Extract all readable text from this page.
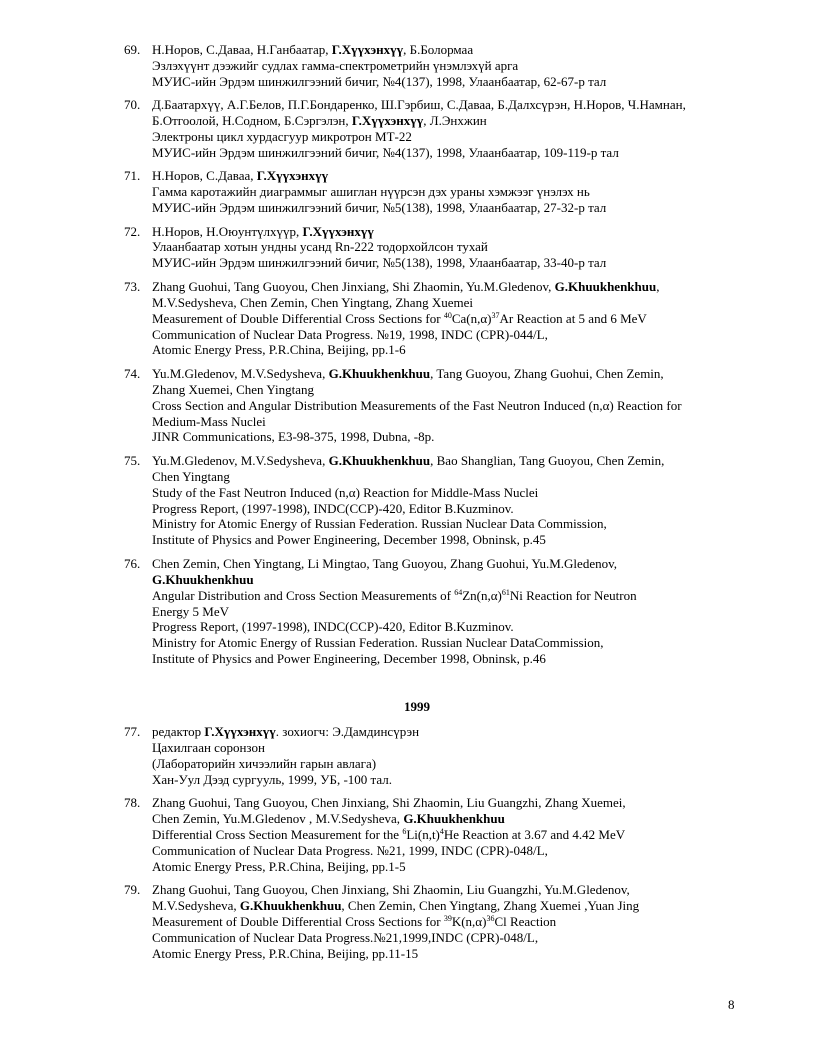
69. Н.Норов, С.Даваа, Н.Ганбаатар, Г.Хүүхэнхүү, Б.Болормаа
Эзлэхүүнт дээжийг судлах гамма-спектрометрийн үнэмлэхүй арга
МУИС-ийн Эрдэм шинжилгээний бичиг, №4(137), 1998, Улаанбаатар, 62-67-р тал
70. Д.Баатархүү, А.Г.Белов, П.Г.Бондаренко, Ш.Гэрбиш, С.Даваа, Б.Далхсүрэн, Н.Норов, Ч.Намнан,
Б.Отгоолой, Н.Содном, Б.Сэргэлэн, Г.Хүүхэнхүү, Л.Энхжин
Электроны цикл хурдасгуур микротрон МТ-22
МУИС-ийн Эрдэм шинжилгээний бичиг, №4(137), 1998, Улаанбаатар, 109-119-р тал
71. Н.Норов, С.Даваа, Г.Хүүхэнхүү
Гамма каротажийн диаграммыг ашиглан нүүрсэн дэх ураны хэмжээг үнэлэх нь
МУИС-ийн Эрдэм шинжилгээний бичиг, №5(138), 1998, Улаанбаатар, 27-32-р тал
72. Н.Норов, Н.Оюунтүлхүүр, Г.Хүүхэнхүү
Улаанбаатар хотын ундны усанд Rn-222 тодорхойлсон тухай
МУИС-ийн Эрдэм шинжилгээний бичиг, №5(138), 1998, Улаанбаатар, 33-40-р тал
73. Zhang Guohui, Tang Guoyou, Chen Jinxiang, Shi Zhaomin, Yu.M.Gledenov, G.Khuukhenkhuu,
M.V.Sedysheva, Chen Zemin, Chen Yingtang, Zhang Xuemei
Measurement of Double Differential Cross Sections for $^{40}Ca(n,\alpha)^{37}Ar$ Reaction at 5 and 6 MeV
Communication of Nuclear Data Progress. №19, 1998, INDC (CPR)-044/L,
Atomic Energy Press, P.R.China, Beijing, pp.1-6
74. Yu.M.Gledenov, M.V.Sedysheva, G.Khuukhenkhuu, Tang Guoyou, Zhang Guohui, Chen Zemin,
Zhang Xuemei, Chen Yingtang
Cross Section and Angular Distribution Measurements of the Fast Neutron Induced (n,α) Reaction for
Medium-Mass Nuclei
JINR Communications, E3-98-375, 1998, Dubna, -8p.
75. Yu.M.Gledenov, M.V.Sedysheva, G.Khuukhenkhuu, Bao Shanglian, Tang Guoyou, Chen Zemin,
Chen Yingtang
Study of the Fast Neutron Induced (n,α) Reaction for Middle-Mass Nuclei
Progress Report, (1997-1998), INDC(CCP)-420, Editor B.Kuzminov.
Ministry for Atomic Energy of Russian Federation. Russian Nuclear Data Commission,
Institute of Physics and Power Engineering, December 1998, Obninsk, p.45
76. Chen Zemin, Chen Yingtang, Li Mingtao, Tang Guoyou, Zhang Guohui, Yu.M.Gledenov,
G.Khuukhenkhuu
Angular Distribution and Cross Section Measurements of $^{64}Zn(n,\alpha)^{61}Ni$ Reaction for Neutron
Energy 5 MeV
Progress Report, (1997-1998), INDC(CCP)-420, Editor B.Kuzminov.
Ministry for Atomic Energy of Russian Federation. Russian Nuclear DataCommission,
Institute of Physics and Power Engineering, December 1998, Obninsk, p.46
1999
77. редактор Г.Хүүхэнхүү. зохиогч: Э.Дамдинсүрэн
Цахилгаан соронзон
(Лабораторийн хичээлийн гарын авлага)
Хан-Уул Дээд сургууль, 1999, УБ, -100 тал.
78. Zhang Guohui, Tang Guoyou, Chen Jinxiang, Shi Zhaomin, Liu Guangzhi, Zhang Xuemei,
Chen Zemin, Yu.M.Gledenov , M.V.Sedysheva, G.Khuukhenkhuu
Differential Cross Section Measurement for the $^6Li(n,t)^4He$ Reaction at 3.67 and 4.42 MeV
Communication of Nuclear Data Progress. №21, 1999, INDC (CPR)-048/L,
Atomic Energy Press, P.R.China, Beijing, pp.1-5
79. Zhang Guohui, Tang Guoyou, Chen Jinxiang, Shi Zhaomin, Liu Guangzhi, Yu.M.Gledenov,
M.V.Sedysheva, G.Khuukhenkhuu, Chen Zemin, Chen Yingtang, Zhang Xuemei ,Yuan Jing
Measurement of Double Differential Cross Sections for $^{39}K(n,\alpha)^{36}Cl$ Reaction
Communication of Nuclear Data Progress.№21,1999,INDC (CPR)-048/L,
Atomic Energy Press, P.R.China, Beijing, pp.11-15
8
